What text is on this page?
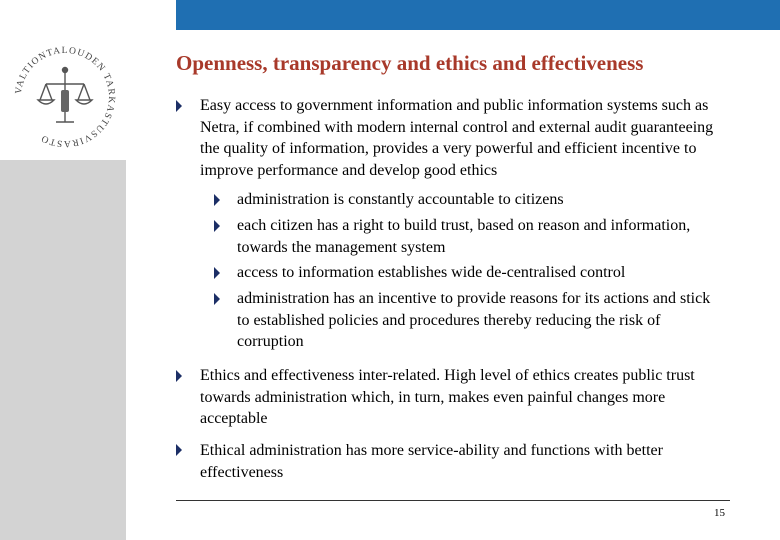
VALTIONTALOUDEN TARKASTUSVIRASTO
Openness, transparency and ethics and effectiveness
Easy access to government information and public information systems such as Netra, if combined with modern internal control and external audit guaranteeing the quality of information, provides a very powerful and efficient incentive to improve performance and develop good ethics
administration is constantly accountable to citizens
each citizen has a right to build trust, based on reason and information, towards the management system
access to information establishes wide de-centralised control
administration has an incentive to provide reasons for its actions and stick to established policies and procedures thereby reducing the risk of corruption
Ethics and effectiveness inter-related. High level of ethics creates public trust towards administration which, in turn, makes even painful changes more acceptable
Ethical administration has more service-ability and functions with better effectiveness
15
